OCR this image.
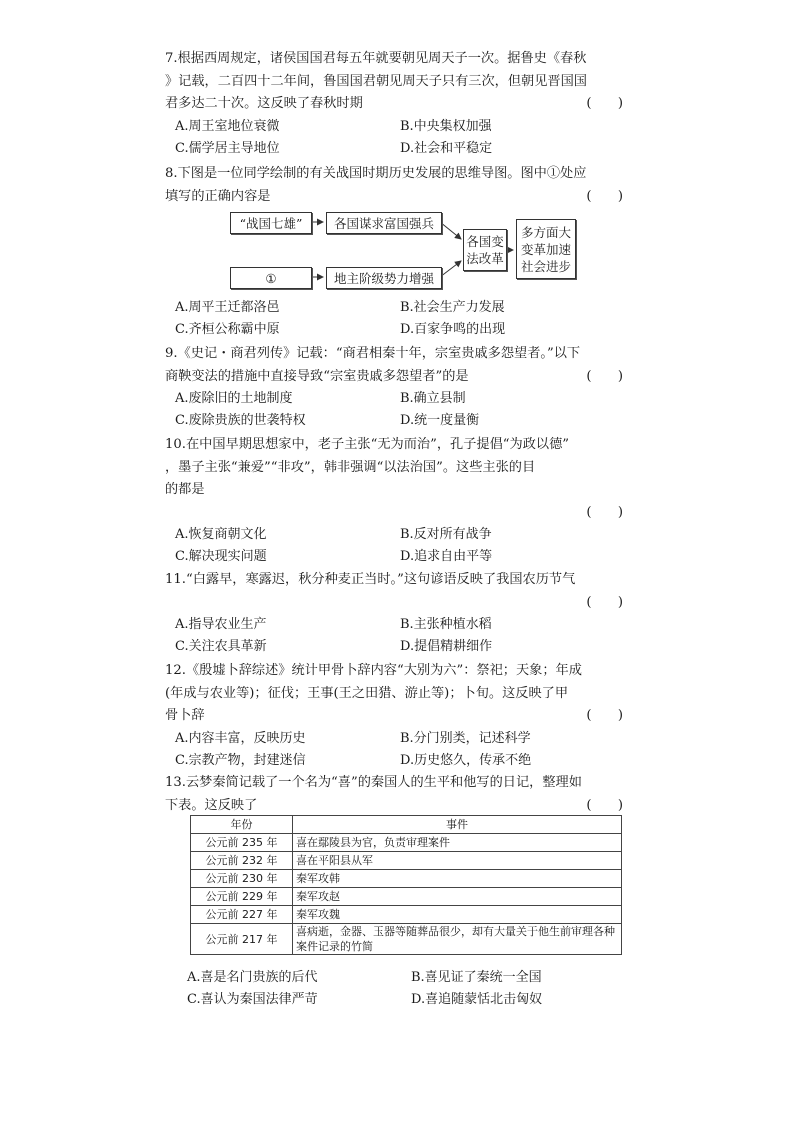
7.根据西周规定，诸侯国国君每五年就要朝见周天子一次。据鲁史《春秋
》记载，二百四十二年间，鲁国国君朝见周天子只有三次，但朝见晋国国
君多达二十次。这反映了春秋时期	(　　)
A.周王室地位衰微	B.中央集权加强
C.儒学居主导地位	D.社会和平稳定
8.下图是一位同学绘制的有关战国时期历史发展的思维导图。图中①处应
填写的正确内容是	(　　)
“战国七雄”	各国谋求富国强兵
①	地主阶级势力增强
各国变
法改革
多方面大
变革加速
社会进步
A.周平王迁都洛邑	B.社会生产力发展
C.齐桓公称霸中原	D.百家争鸣的出现
9.《史记・商君列传》记载：“商君相秦十年，宗室贵戚多怨望者。”以下
商鞅变法的措施中直接导致“宗室贵戚多怨望者”的是	(　　)
A.废除旧的土地制度	B.确立县制
C.废除贵族的世袭特权	D.统一度量衡
10.在中国早期思想家中，老子主张“无为而治”，孔子提倡“为政以德”
，墨子主张“兼爱”“非攻”，韩非强调“以法治国”。这些主张的目
的都是
(　　)
A.恢复商朝文化	B.反对所有战争
C.解决现实问题	D.追求自由平等
11.“白露早，寒露迟，秋分种麦正当时。”这句谚语反映了我国农历节气
(　　)
A.指导农业生产	B.主张种植水稻
C.关注农具革新	D.提倡精耕细作
12.《殷墟卜辞综述》统计甲骨卜辞内容“大别为六”：祭祀；天象；年成
(年成与农业等)；征伐；王事(王之田猎、游止等)；卜旬。这反映了甲
骨卜辞	(　　)
A.内容丰富，反映历史	B.分门别类，记述科学
C.宗教产物，封建迷信	D.历史悠久，传承不绝
13.云梦秦简记载了一个名为“喜”的秦国人的生平和他写的日记，整理如
下表。这反映了	(　　)
年份	事件
公元前 235 年	喜在鄢陵县为官，负责审理案件
公元前 232 年	喜在平阳县从军
公元前 230 年	秦军攻韩
公元前 229 年	秦军攻赵
公元前 227 年	秦军攻魏
公元前 217 年	喜病逝，金器、玉器等随葬品很少，却有大量关于他生前审理各种案件记录的竹简
A.喜是名门贵族的后代	B.喜见证了秦统一全国
C.喜认为秦国法律严苛	D.喜追随蒙恬北击匈奴
